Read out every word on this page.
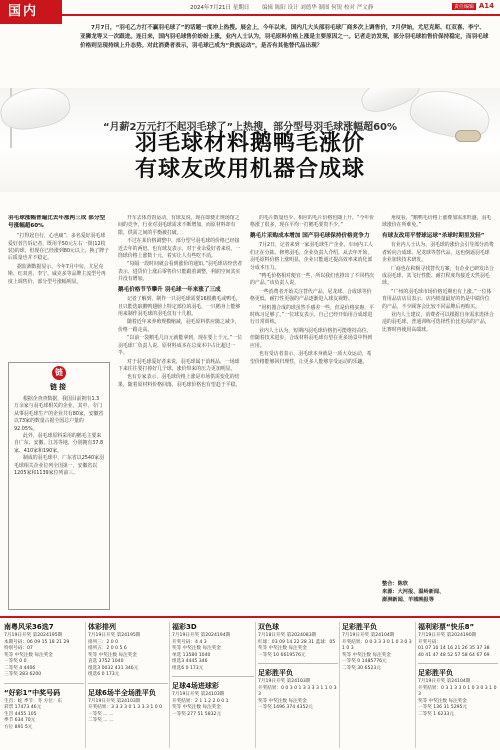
国内	2024年7月21日 星期日 编辑 陈阳 设计 刘德华 制图 何锐 校对 严文静	责任编辑 A14

7月7日，“羽毛乙方打不赢羽毛球了”的话题一度冲上热搜。展会上，今年以来，国内几大头部羽毛球厂商多次上调售价，7月伊始，尤尼克斯、红双喜、李宁、亚狮龙等又一次跟进。连日来，国内羽毛球售价纷纷上涨，业内人士认为，羽毛原料价格上涨是主要原因之一。记者走访发现，部分羽毛球拍售价保持稳定，而羽毛球价格则呈现持续上升态势。对此消费者表示，羽毛球已成为“贵族运动”，是否有其他替代品出现？

“月薪2万元打不起羽毛球了”上热搜，部分型号羽毛球涨幅超60%
羽毛球材料鹅鸭毛涨价
有球友改用机器合成球
羽毛球涨幅普遍比去年涨两三成 部分型号涨幅超60%

“打得起自行，心也痛”，多名爱好羽毛球爱好者告诉记者，既用半50元左右一筒(12枚装)的球，但现在已经涨到80元以上，换了牌子后质量也并不稳定。

据监测数据显示，今年7月中旬，尤尼克斯、红双喜、李宁、威克多等品牌主流型号再度上调售价，部分型号涨幅明显。

链
链接

根据企查查数据，我国目前拥有1.3万余家与羽毛球相关的企业，其中，专门从事羽毛球生产的企业共有80家，安徽省以73家的数量占据全国总户量的92.05%。

此外，羽毛球原料采用的鹅毛主要来自广东、安徽、江苏等地，分别拥有37.8家、410家和190家。

制成的羽毛球中，广东省以2540家羽毛球相关企业位列全国第一，安徽省以1205家和1139家位列前三。

开车去体育馆运动，有球友说，现在即便正规场馆之间的竞争，行业对羽毛球需求不断增加，而原材料却有限，供需之间的平衡被打破。

不过在某价格调整中，部分型号羽毛球的价格已经接近去年的两倍。也有球友表示，对于业余爱好者来说，一筒球价格上涨数十元，着实让人有些吃不消。

“每隔一段时间就会看到涨价的通知。”羽毛球店经营者表示，进货价上涨后零售价只能跟着调整，利润空间其实并没有增加。

鹅毛价格节节攀升 羽毛球一年来涨了三成

记者了解到，制作一只羽毛球需要16根鹅毛或鸭毛，且只能选取鹅鸭翅膀上特定部位的羽毛，一只鹅身上能够用来制作羽毛球的羽毛仅有十几根。

随着近年来养殖规模缩减，羽毛原料供应随之减少，价格一路走高。

“以前一袋鹅毛几百元就能拿到，现在要上千元。”一位羽毛球厂负责人说，原材料成本在总成本中占比超过一半。

对于羽毛球爱好者来说，羽毛球属于消耗品，一场球下来往往要打掉好几个球，涨价带来的压力更加明显。

也有专家表示，羽毛球价格上涨是市场供需变化的结果，随着原材料价格回落，羽毛球价格也有望趋于平稳。

的毛片数量也少，相应的毛片价格也随上升。“今年价格涨了很多，现在平均一打鹅毛要贵不少。”

鹅毛片采购成本增加 国产羽毛球保持价格竞争力

7月2日，记者来到一家羽毛球生产企业，车间内工人们正在分拣、修剪羽毛。企业负责人介绍，从去年开始，羽毛原料价格上涨明显，企业只能通过提高效率来消化部分成本压力。

“鸭毛价格相对便宜一些，所以我们也推出了不同档次的产品。”该负责人说。

一些消费者开始关注替代产品，尼龙球、合成球等价格更低、耐打性更强的产品逐渐进入球友视野。

“用机器合成的球虽然手感差一些，但是价格实惠，平时练习足够了。”一位球友表示，自己已经开始用合成球进行日常训练。

业内人士认为，短期内羽毛球价格仍可能维持高位，但随着技术进步，合成材料羽毛球有望在更多场景中得到应用。

也有受访者表示，羽毛球本身就是一项大众运动，希望价格能够回归理性，让更多人能够享受运动的乐趣。

角度看，“鹅鸭毛价格上涨叠加需求旺盛，羽毛球涨价在所难免。”

有球友改用平替球运球“杀球时期里发轻”

有业内人士认为，羽毛球的涨价会引导部分消费者转向合成球、尼龙球等替代品，这也倒逼羽毛球企业加快技术研发。

厂商也在积极寻找替代方案，有企业已研发出合成羽毛球，其飞行性能、耐打程度均接近天然羽毛球。

“广州的羽毛球市场价格近期也有上涨。”一位体育用品店店员表示，店内销量最好的仍是中端价位的产品，不少顾客会比较不同品牌后再购买。

业内人士建议，消费者可以根据自身需求选择合适的羽毛球，普通训练可选择性价比更高的产品，比赛时再使用高端球。

整合：陈欣
来源：大河报、温岭新闻、
澎湃新闻、羊城晚报等
南粤风采36选7
7月19日开奖 第2024195期
本期号码：06 09 15 18 21 29
特别号码：07
奖等 中奖注数 每注奖金
一等奖 0 0
二等奖 4 4406
三等奖 283 6200
“好彩1”中奖号码
生肖：蛇 季节：冬 方位：东
彩票 17473 46元
生肖 4455 105
季节 634 70元
方位 891 5元
体彩排列
7月19日开奖 第24195期
排列三：2 0 0
排列五：2 0 0 5 6
奖等 中奖注数 每注奖金
直选 3752 1040
组选3 0032 431 346元
组选6 0 173元
足球6场半全场胜平负
7月19日开奖 第24103期
开奖结果：3 3 3 3 0 1 3 3 3 1 0 0
一等奖 ... ...
二等奖 ... ...
福彩3D
7月19日开奖 第2024194期
开奖号码：4 4 3
奖等 中奖注数 每注奖金
单选 13580 1040
组选3 4445 346
组选6 0 173元
足球4场进球彩
7月19日开奖 第24103期
开奖结果：2 1 1 2 2 0 0 1
奖等 中奖注数 每注奖金
一等奖 277 51 5832元
双色球
7月18日开奖 第2024083期
红球：03 09 14 22 28 31 蓝球：05
奖等 中奖注数 每注奖金
一等奖 10 6619576元
足彩胜平负
7月19日开奖 第24103期
开奖结果：0 0 3 0 1 3 3 3 3 1 1 0 3 3
奖等 中奖注数 每注奖金
一等奖 1496 374 4352元
足彩胜平负
7月19日开奖 第24104期
开奖结果：0 0 3 3 3 0 1 0 3 0 3 1 0 3
奖等 中奖注数 每注奖金
一等奖 0 1485776元
二等奖 30 6523元
福利彩票“快乐8”
7月19日开奖 第2024190期
开奖号码：
01 07 10 14 16 21 26 35 37 38
40 41 47 48 52 57 58 64 67 69
足彩胜平负
7月19日开奖 第24104期
开奖结果：0 3 1 3 3 0 1 0 3 0 3 1 0 3
奖等 中奖注数 每注奖金
一等奖 136 31 5295元
二等奖 1 6233元
